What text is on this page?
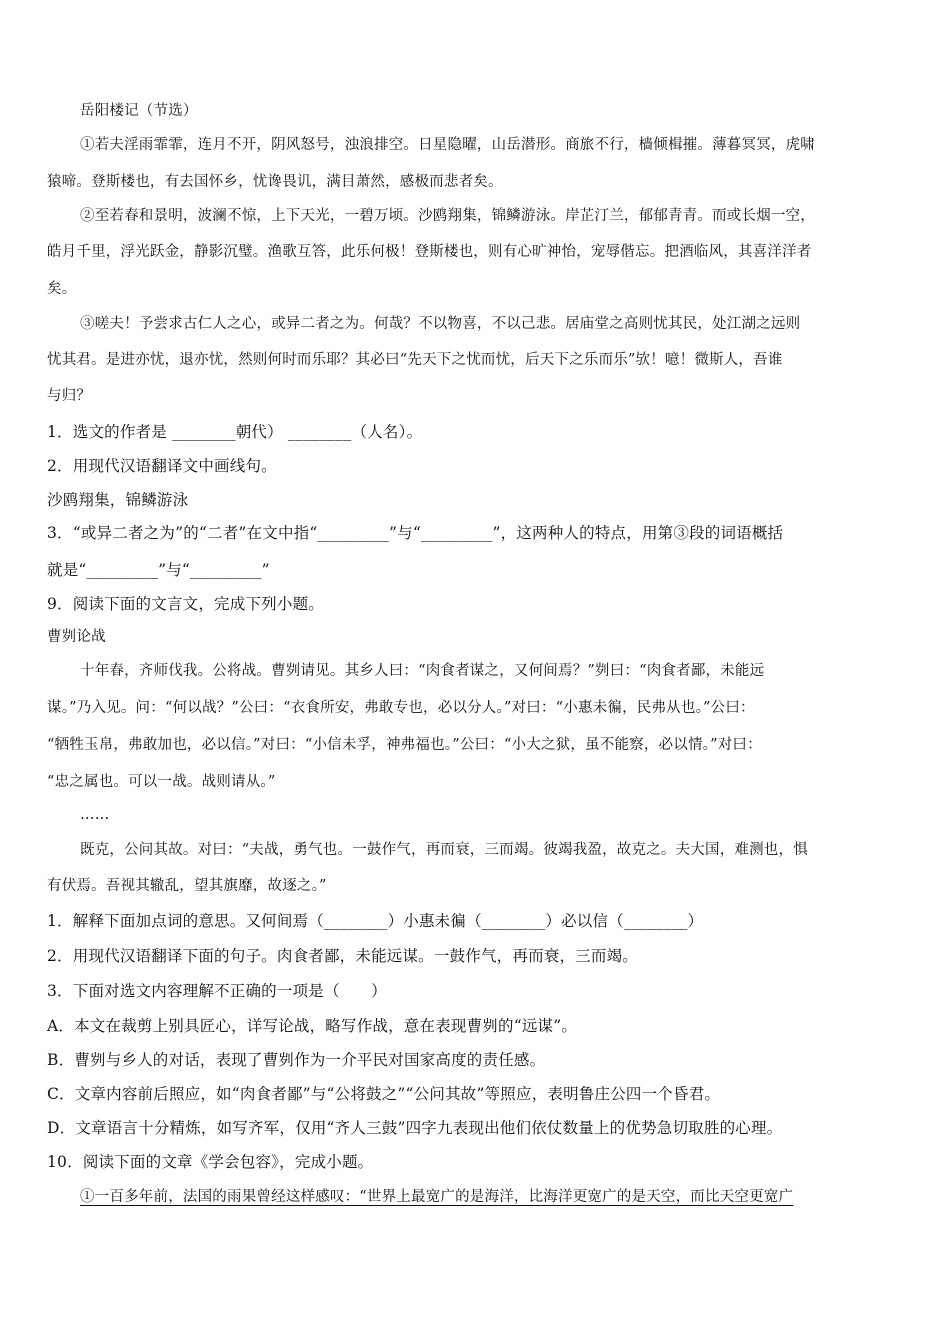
岳阳楼记（节选）
①若夫淫雨霏霏，连月不开，阴风怒号，浊浪排空。日星隐曜，山岳潜形。商旅不行，樯倾楫摧。薄暮冥冥，虎啸
猿啼。登斯楼也，有去国怀乡，忧谗畏讥，满目萧然，感极而悲者矣。
②至若春和景明，波澜不惊，上下天光，一碧万顷。沙鸥翔集，锦鳞游泳。岸芷汀兰，郁郁青青。而或长烟一空，
皓月千里，浮光跃金，静影沉璧。渔歌互答，此乐何极！登斯楼也，则有心旷神怡，宠辱偕忘。把酒临风，其喜洋洋者
矣。
③嗟夫！予尝求古仁人之心，或异二者之为。何哉？不以物喜，不以己悲。居庙堂之高则忧其民，处江湖之远则
忧其君。是进亦忧，退亦忧，然则何时而乐耶？其必曰“先天下之忧而忧，后天下之乐而乐”欤！噫！微斯人，吾谁
与归？
1．选文的作者是 ________朝代） ________（人名）。
2．用现代汉语翻译文中画线句。
沙鸥翔集，锦鳞游泳
3．“或异二者之为”的“二者”在文中指“_________”与“_________”，这两种人的特点，用第③段的词语概括
就是“_________”与“_________”
9．阅读下面的文言文，完成下列小题。
曹刿论战
十年春，齐师伐我。公将战。曹刿请见。其乡人曰：“肉食者谋之，又何间焉？”刿曰：“肉食者鄙，未能远
谋。”乃入见。问：“何以战？”公曰：“衣食所安，弗敢专也，必以分人。”对曰：“小惠未徧，民弗从也。”公曰：
“牺牲玉帛，弗敢加也，必以信。”对曰：“小信未孚，神弗福也。”公曰：“小大之狱，虽不能察，必以情。”对曰：
“忠之属也。可以一战。战则请从。”
……
既克，公问其故。对曰：“夫战，勇气也。一鼓作气，再而衰，三而竭。彼竭我盈，故克之。夫大国，难测也，惧
有伏焉。吾视其辙乱，望其旗靡，故逐之。”
1．解释下面加点词的意思。又何间焉（________）小惠未徧（________）必以信（________）
2．用现代汉语翻译下面的句子。肉食者鄙，未能远谋。一鼓作气，再而衰，三而竭。
3．下面对选文内容理解不正确的一项是（　　）
A．本文在裁剪上别具匠心，详写论战，略写作战，意在表现曹刿的“远谋”。
B．曹刿与乡人的对话，表现了曹刿作为一介平民对国家高度的责任感。
C．文章内容前后照应，如“肉食者鄙”与“公将鼓之”“公问其故”等照应，表明鲁庄公四一个昏君。
D．文章语言十分精炼，如写齐军，仅用“齐人三鼓”四字九表现出他们依仗数量上的优势急切取胜的心理。
10．阅读下面的文章《学会包容》，完成小题。
①一百多年前，法国的雨果曾经这样感叹：“世界上最宽广的是海洋，比海洋更宽广的是天空，而比天空更宽广
